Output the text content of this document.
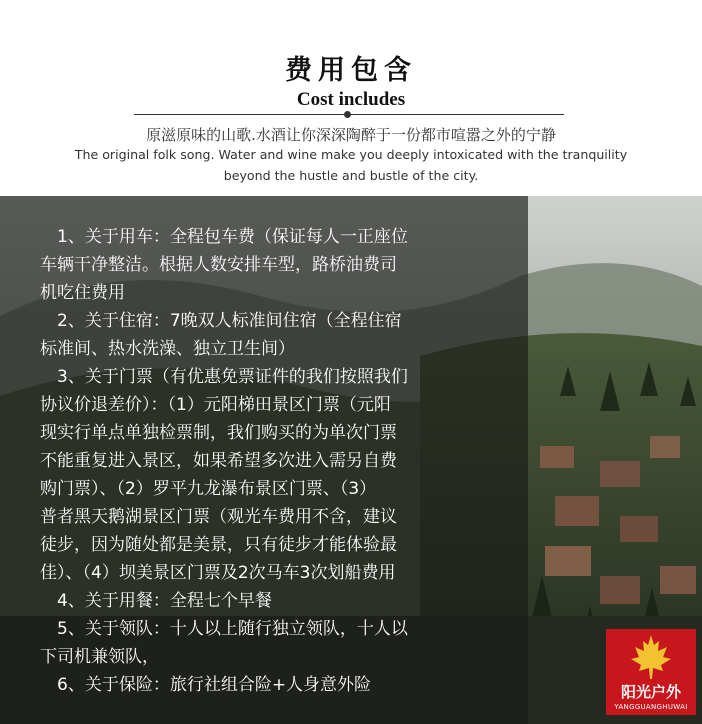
费用包含
Cost includes
原滋原味的山歌.水酒让你深深陶醉于一份都市喧嚣之外的宁静
The original folk song. Water and wine make you deeply intoxicated with the tranquility
beyond the hustle and bustle of the city.

　1、关于用车：全程包车费（保证每人一正座位

车辆干净整洁。根据人数安排车型，路桥油费司

机吃住费用

　2、关于住宿：7晚双人标准间住宿（全程住宿

标准间、热水洗澡、独立卫生间）

　3、关于门票（有优惠免票证件的我们按照我们

协议价退差价）：（1）元阳梯田景区门票（元阳

现实行单点单独检票制，我们购买的为单次门票

不能重复进入景区，如果希望多次进入需另自费

购门票）、（2）罗平九龙瀑布景区门票、（3）

普者黑天鹅湖景区门票（观光车费用不含，建议

徒步，因为随处都是美景，只有徒步才能体验最

佳）、（4）坝美景区门票及2次马车3次划船费用

　4、关于用餐：全程七个早餐

　5、关于领队：十人以上随行独立领队，十人以

下司机兼领队，

　6、关于保险：旅行社组合险+人身意外险	阳光户外
YANGGUANGHUWAI
